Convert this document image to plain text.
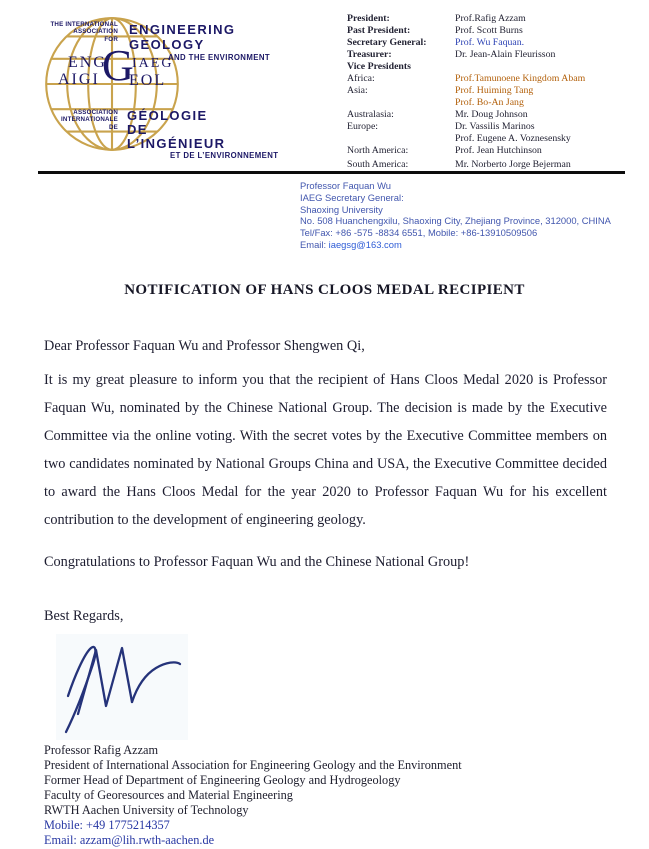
THE INTERNATIONAL
ASSOCIATION
FOR
ENGINEERING
GEOLOGY
AND THE ENVIRONMENT
ENG IAEG
AIGI EOL
G
ASSOCIATION
INTERNATIONALE
DE
GÉOLOGIE
DE
L’INGÉNIEUR
ET DE L’ENVIRONNEMENT
President:	Prof.Rafig Azzam
Past President:	Prof. Scott Burns
Secretary General:	Prof. Wu Faquan.
Treasurer:	Dr. Jean-Alain Fleurisson
Vice Presidents
Africa:	Prof.Tamunoene Kingdom Abam
Asia:	Prof. Huiming Tang
Prof. Bo-An Jang
Australasia:	Mr. Doug Johnson
Europe:	Dr. Vassilis Marinos
Prof. Eugene A. Voznesensky
North America:	Prof. Jean Hutchinson
South America:	Mr. Norberto Jorge Bejerman
Professor Faquan Wu
IAEG Secretary General:
Shaoxing University
No. 508 Huanchengxilu, Shaoxing City, Zhejiang Province, 312000, CHINA
Tel/Fax: +86 -575 -8834 6551, Mobile: +86-13910509506
Email: iaegsg@163.com
NOTIFICATION OF HANS CLOOS MEDAL RECIPIENT
Dear Professor Faquan Wu and Professor Shengwen Qi,

It is my great pleasure to inform you that the recipient of Hans Cloos Medal 2020 is Professor Faquan Wu, nominated by the Chinese National Group. The decision is made by the Executive Committee via the online voting. With the secret votes by the Executive Committee members on two candidates nominated by National Groups China and USA, the Executive Committee decided to award the Hans Cloos Medal for the year 2020 to Professor Faquan Wu for his excellent contribution to the development of engineering geology.

Congratulations to Professor Faquan Wu and the Chinese National Group!

Best Regards,
Professor Rafig Azzam
President of International Association for Engineering Geology and the Environment
Former Head of Department of Engineering Geology and Hydrogeology
Faculty of Georesources and Material Engineering
RWTH Aachen University of Technology
Mobile: +49 1775214357
Email: azzam@lih.rwth-aachen.de
